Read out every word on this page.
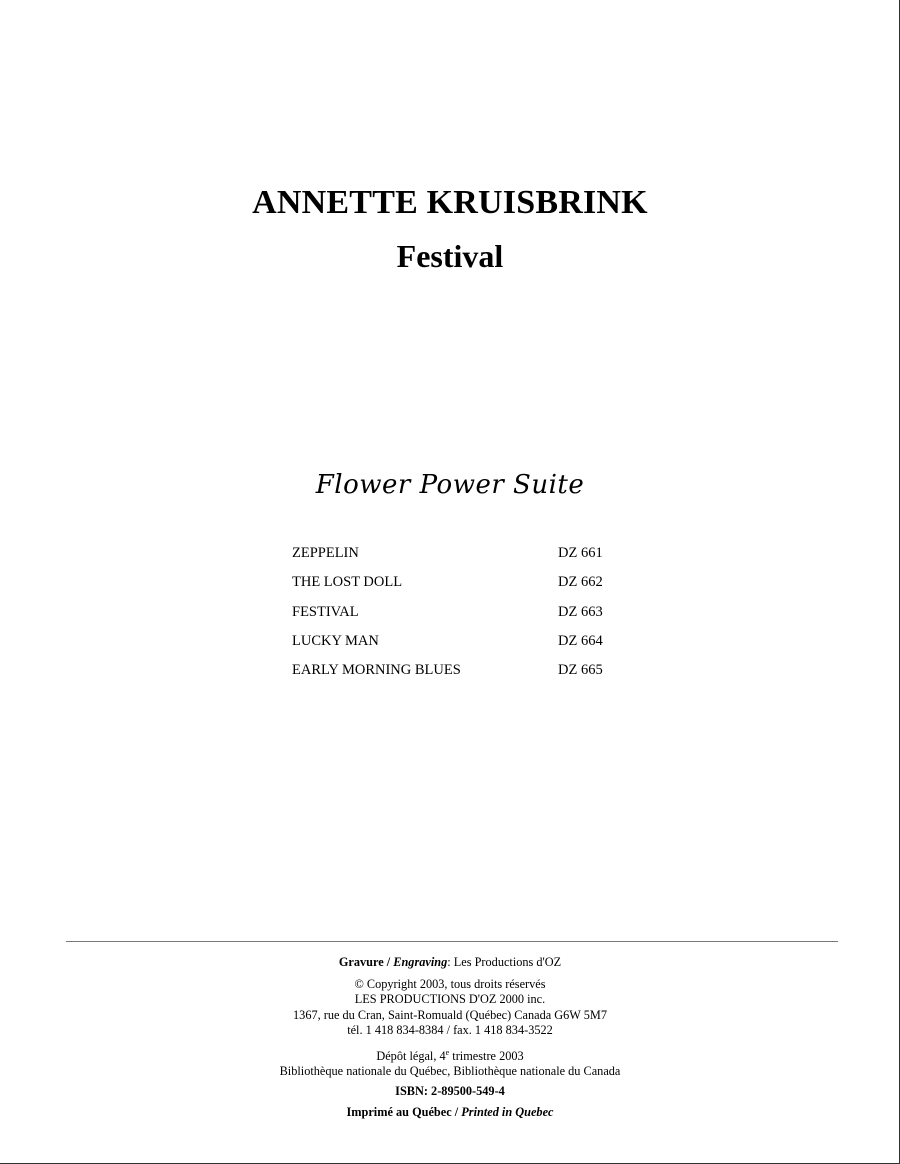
ANNETTE KRUISBRINK
Festival
Flower Power Suite
ZEPPELIN	DZ 661
THE LOST DOLL	DZ 662
FESTIVAL	DZ 663
LUCKY MAN	DZ 664
EARLY MORNING BLUES	DZ 665
Gravure / Engraving: Les Productions d'OZ
© Copyright 2003, tous droits réservés
LES PRODUCTIONS D'OZ 2000 inc.
1367, rue du Cran, Saint-Romuald (Québec) Canada G6W 5M7
tél. 1 418 834-8384 / fax. 1 418 834-3522
Dépôt légal, 4e trimestre 2003
Bibliothèque nationale du Québec, Bibliothèque nationale du Canada
ISBN: 2-89500-549-4
Imprimé au Québec / Printed in Quebec
